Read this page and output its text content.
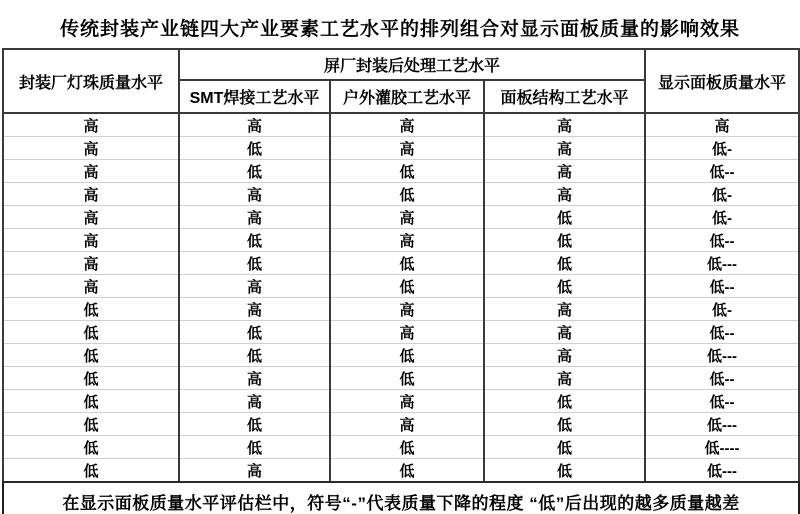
传统封装产业链四大产业要素工艺水平的排列组合对显示面板质量的影响效果
封装厂灯珠质量水平	屏厂封装后处理工艺水平			显示面板质量水平
	SMT焊接工艺水平	户外灌胶工艺水平	面板结构工艺水平	
高	高	高	高	高
高	低	高	高	低-
高	低	低	高	低--
高	高	低	高	低-
高	高	高	低	低-
高	低	高	低	低--
高	低	低	低	低---
高	高	低	低	低--
低	高	高	高	低-
低	低	高	高	低--
低	低	低	高	低---
低	高	低	高	低--
低	高	高	低	低--
低	低	高	低	低---
低	低	低	低	低----
低	高	低	低	低---
在显示面板质量水平评估栏中，符号“-”代表质量下降的程度 “低”后出现的越多质量越差				
